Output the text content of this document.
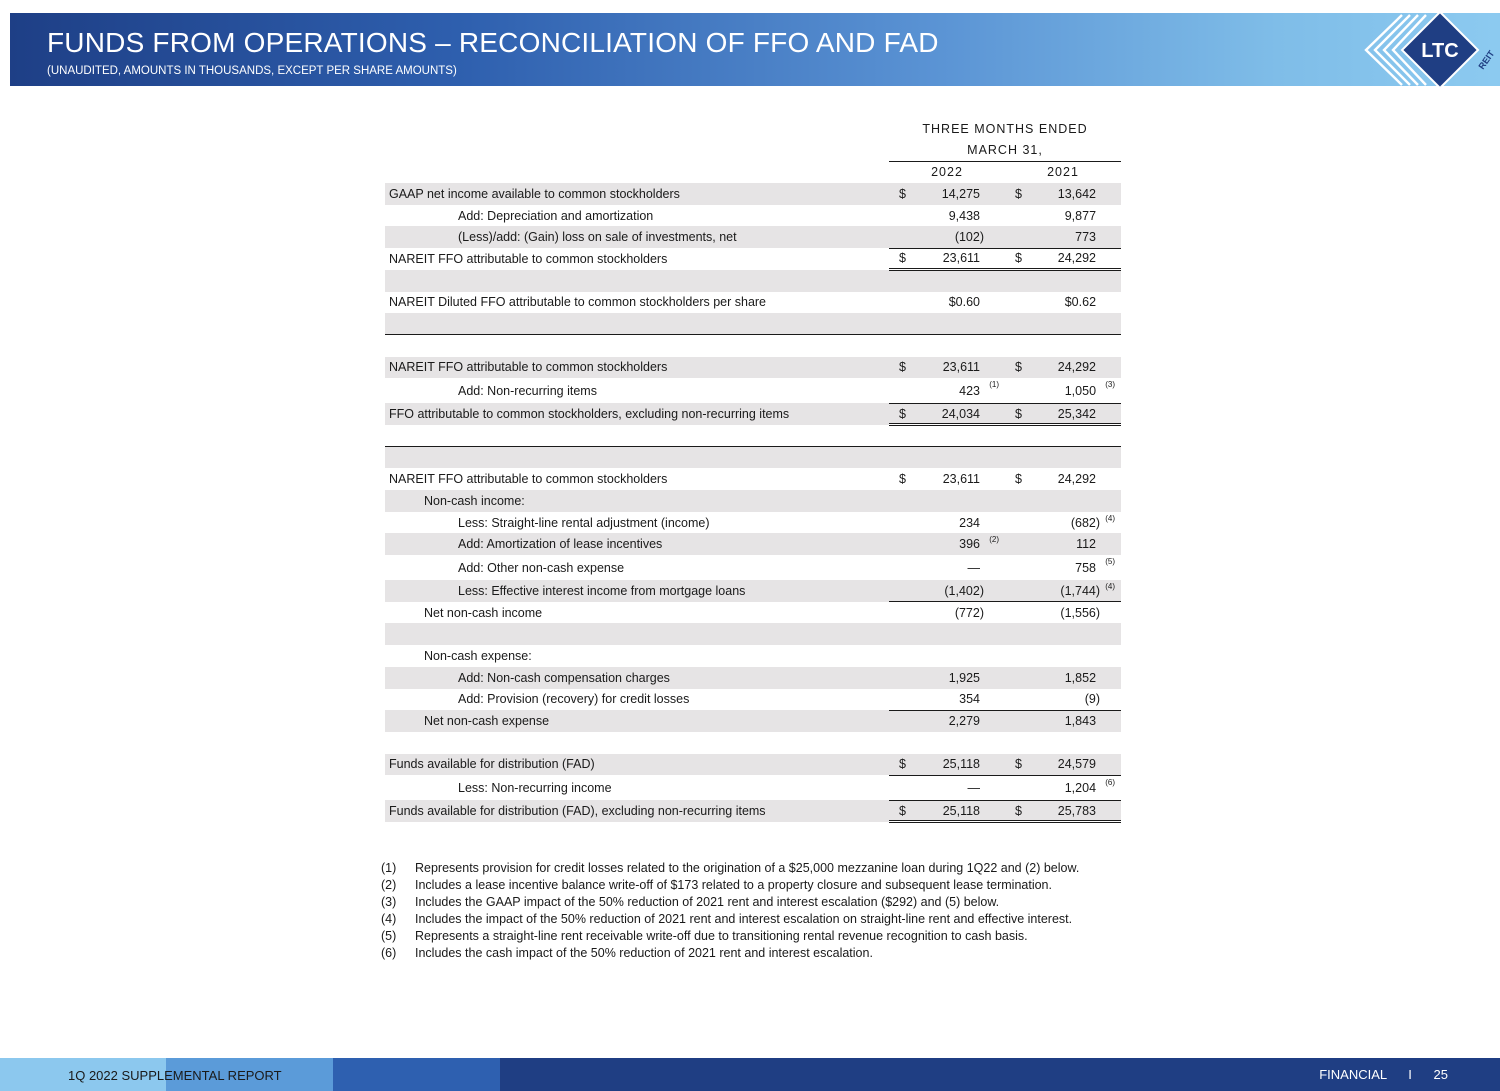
FUNDS FROM OPERATIONS – RECONCILIATION OF FFO AND FAD
(UNAUDITED, AMOUNTS IN THOUSANDS, EXCEPT PER SHARE AMOUNTS)
LTC REIT
	THREE MONTHS ENDED	
	MARCH 31,	
	2022	2021
GAAP net income available to common stockholders	$ 14,275	$ 13,642

Add: Depreciation and amortization	9,438	9,877

(Less)/add: (Gain) loss on sale of investments, net	(102)	773

NAREIT FFO attributable to common stockholders	$ 23,611	$ 24,292

NAREIT Diluted FFO attributable to common stockholders per share	$0.60	$0.62

NAREIT FFO attributable to common stockholders	$ 23,611	$ 24,292

Add: Non-recurring items	423 (1)	1,050 (3)

FFO attributable to common stockholders, excluding non-recurring items	$ 24,034	$ 25,342

NAREIT FFO attributable to common stockholders	$ 23,611	$ 24,292

Non-cash income:		
Less: Straight-line rental adjustment (income)	234	(682) (4)

Add: Amortization of lease incentives	396 (2)	112

Add: Other non-cash expense	—	758 (5)

Less: Effective interest income from mortgage loans	(1,402)	(1,744) (4)

Net non-cash income	(772)	(1,556)

Non-cash expense:		
Add: Non-cash compensation charges	1,925	1,852

Add: Provision (recovery) for credit losses	354	(9)

Net non-cash expense	2,279	1,843

Funds available for distribution (FAD)	$ 25,118	$ 24,579

Less: Non-recurring income	—	1,204 (6)

Funds available for distribution (FAD), excluding non-recurring items	$ 25,118	$ 25,783
(1)	Represents provision for credit losses related to the origination of a $25,000 mezzanine loan during 1Q22 and (2) below.
(2)	Includes a lease incentive balance write-off of $173 related to a property closure and subsequent lease termination.
(3)	Includes the GAAP impact of the 50% reduction of 2021 rent and interest escalation ($292) and (5) below.
(4)	Includes the impact of the 50% reduction of 2021 rent and interest escalation on straight-line rent and effective interest.
(5)	Represents a straight-line rent receivable write-off due to transitioning rental revenue recognition to cash basis.
(6)	Includes the cash impact of the 50% reduction of 2021 rent and interest escalation.
1Q 2022 SUPPLEMENTAL REPORT	FINANCIAL I 25
